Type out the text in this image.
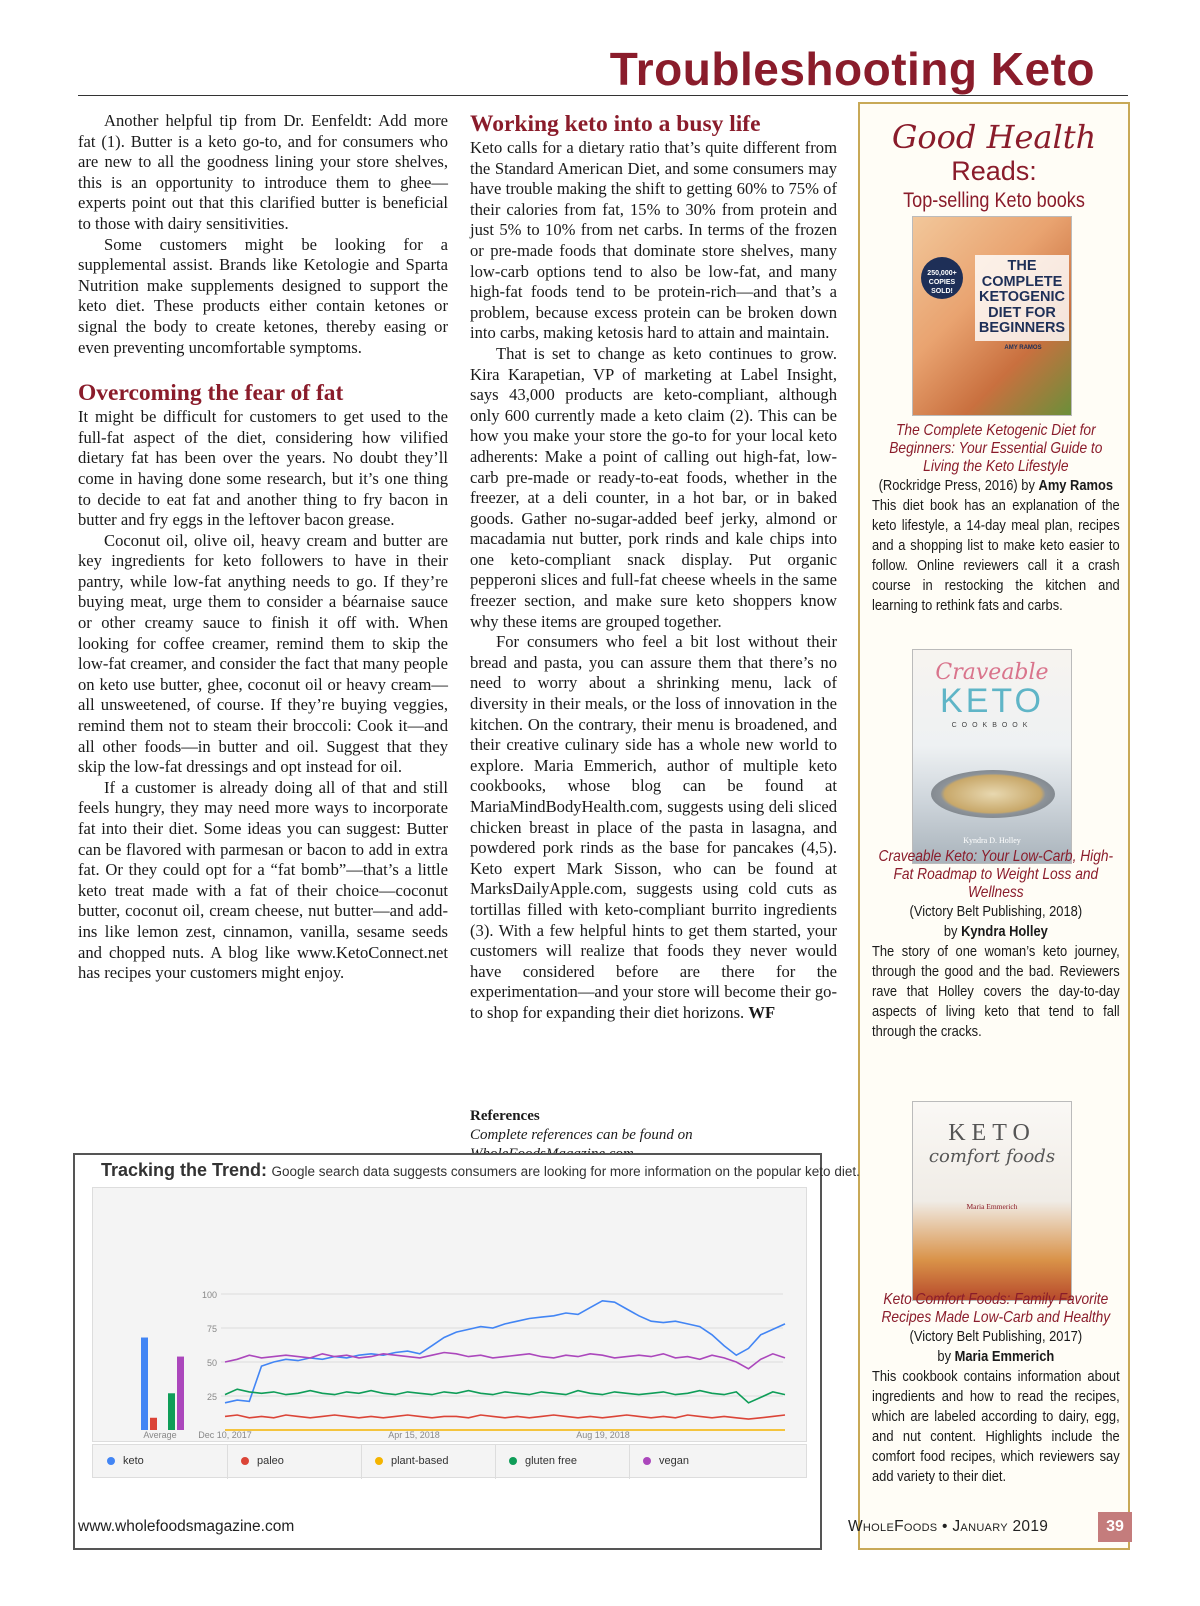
Troubleshooting Keto

Another helpful tip from Dr. Eenfeldt: Add more fat (1). Butter is a keto go-to, and for consumers who are new to all the goodness lining your store shelves, this is an opportunity to introduce them to ghee—experts point out that this clarified butter is beneficial to those with dairy sensitivities.

Some customers might be looking for a supplemental assist. Brands like Ketologie and Sparta Nutrition make supplements designed to support the keto diet. These products either contain ketones or signal the body to create ketones, thereby easing or even preventing uncomfortable symptoms.

Overcoming the fear of fat

It might be difficult for customers to get used to the full-fat aspect of the diet, considering how vilified dietary fat has been over the years. No doubt they’ll come in having done some research, but it’s one thing to decide to eat fat and another thing to fry bacon in butter and fry eggs in the leftover bacon grease.

Coconut oil, olive oil, heavy cream and butter are key ingredients for keto followers to have in their pantry, while low-fat anything needs to go. If they’re buying meat, urge them to consider a béarnaise sauce or other creamy sauce to finish it off with. When looking for coffee creamer, remind them to skip the low-fat creamer, and consider the fact that many people on keto use butter, ghee, coconut oil or heavy cream—all unsweetened, of course. If they’re buying veggies, remind them not to steam their broccoli: Cook it—and all other foods—in butter and oil. Suggest that they skip the low-fat dressings and opt instead for oil.

If a customer is already doing all of that and still feels hungry, they may need more ways to incorporate fat into their diet. Some ideas you can suggest: Butter can be flavored with parmesan or bacon to add in extra fat. Or they could opt for a “fat bomb”—that’s a little keto treat made with a fat of their choice—coconut butter, coconut oil, cream cheese, nut butter—and add-ins like lemon zest, cinnamon, vanilla, sesame seeds and chopped nuts. A blog like www.KetoConnect.net has recipes your customers might enjoy.

Working keto into a busy life

Keto calls for a dietary ratio that’s quite different from the Standard American Diet, and some consumers may have trouble making the shift to getting 60% to 75% of their calories from fat, 15% to 30% from protein and just 5% to 10% from net carbs. In terms of the frozen or pre-made foods that dominate store shelves, many low-carb options tend to also be low-fat, and many high-fat foods tend to be protein-rich—and that’s a problem, because excess protein can be broken down into carbs, making ketosis hard to attain and maintain.

That is set to change as keto continues to grow. Kira Karapetian, VP of marketing at Label Insight, says 43,000 products are keto-compliant, although only 600 currently made a keto claim (2). This can be how you make your store the go-to for your local keto adherents: Make a point of calling out high-fat, low-carb pre-made or ready-to-eat foods, whether in the freezer, at a deli counter, in a hot bar, or in baked goods. Gather no-sugar-added beef jerky, almond or macadamia nut butter, pork rinds and kale chips into one keto-compliant snack display. Put organic pepperoni slices and full-fat cheese wheels in the same freezer section, and make sure keto shoppers know why these items are grouped together.

For consumers who feel a bit lost without their bread and pasta, you can assure them that there’s no need to worry about a shrinking menu, lack of diversity in their meals, or the loss of innovation in the kitchen. On the contrary, their menu is broadened, and their creative culinary side has a whole new world to explore. Maria Emmerich, author of multiple keto cookbooks, whose blog can be found at MariaMindBodyHealth.com, suggests using deli sliced chicken breast in place of the pasta in lasagna, and powdered pork rinds as the base for pancakes (4,5). Keto expert Mark Sisson, who can be found at MarksDailyApple.com, suggests using cold cuts as tortillas filled with keto-compliant burrito ingredients (3). With a few helpful hints to get them started, your customers will realize that foods they never would have considered before are there for the experimentation—and your store will become their go-to shop for expanding their diet horizons. WF

References
Complete references can be found on
Good Health Reads:
Top-selling Keto books
250,000+ COPIES SOLD!
THE COMPLETE KETOGENIC DIET FOR BEGINNERS
AMY RAMOS
The Complete Ketogenic Diet for Beginners: Your Essential Guide to Living the Keto Lifestyle
(Rockridge Press, 2016) by Amy Ramos
This diet book has an explanation of the keto lifestyle, a 14-day meal plan, recipes and a shopping list to make keto easier to follow. Online reviewers call it a crash course in restocking the kitchen and learning to rethink fats and carbs.
Craveable
KETO
COOKBOOK
Kyndra D. Holley
Craveable Keto: Your Low-Carb, High-Fat Roadmap to Weight Loss and Wellness
(Victory Belt Publishing, 2018)
by Kyndra Holley
The story of one woman’s keto journey, through the good and the bad. Reviewers rave that Holley covers the day-to-day aspects of living keto that tend to fall through the cracks.
KETO
comfort foods
Maria Emmerich
Keto Comfort Foods: Family Favorite Recipes Made Low-Carb and Healthy
(Victory Belt Publishing, 2017)
by Maria Emmerich
This cookbook contains information about ingredients and how to read the recipes, which are labeled according to dairy, egg, and nut content. Highlights include the comfort food recipes, which reviewers say add variety to their diet.
Tracking the Trend: Google search data suggests consumers are looking for more information on the popular keto diet.
100
75
50
25
Average Dec 10, 2017	Apr 15, 2018	Aug 19, 2018
keto	paleo	plant-based	gluten free	vegan
www.wholefoodsmagazine.com	WholeFoods • January 2019	39
